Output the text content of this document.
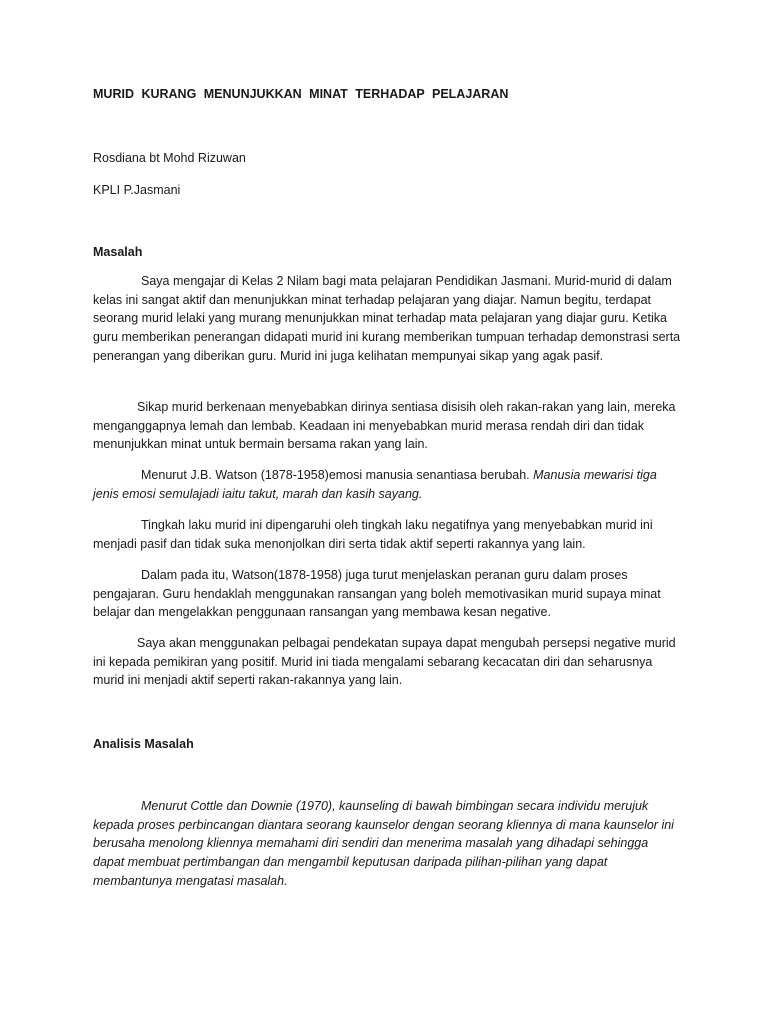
MURID KURANG MENUNJUKKAN MINAT TERHADAP PELAJARAN
Rosdiana bt Mohd Rizuwan
KPLI P.Jasmani
Masalah
Saya mengajar di Kelas 2 Nilam bagi mata pelajaran Pendidikan Jasmani. Murid-murid di dalam kelas ini sangat aktif dan menunjukkan minat terhadap pelajaran yang diajar. Namun begitu, terdapat seorang murid lelaki yang murang menunjukkan minat terhadap mata pelajaran yang diajar guru. Ketika guru memberikan penerangan didapati murid ini kurang memberikan tumpuan terhadap demonstrasi serta penerangan yang diberikan guru. Murid ini juga kelihatan mempunyai sikap yang agak pasif.
Sikap murid berkenaan menyebabkan dirinya sentiasa disisih oleh rakan-rakan yang lain, mereka menganggapnya lemah dan lembab. Keadaan ini menyebabkan murid merasa rendah diri dan tidak menunjukkan minat untuk bermain bersama rakan yang lain.
Menurut J.B. Watson (1878-1958)emosi manusia senantiasa berubah. Manusia mewarisi tiga jenis emosi semulajadi iaitu takut, marah dan kasih sayang.
Tingkah laku murid ini dipengaruhi oleh tingkah laku negatifnya yang menyebabkan murid ini menjadi pasif dan tidak suka menonjolkan diri serta tidak aktif seperti rakannya yang lain.
Dalam pada itu, Watson(1878-1958) juga turut menjelaskan peranan guru dalam proses pengajaran. Guru hendaklah menggunakan ransangan yang boleh memotivasikan murid supaya minat belajar dan mengelakkan penggunaan ransangan yang membawa kesan negative.
Saya akan menggunakan pelbagai pendekatan supaya dapat mengubah persepsi negative murid ini kepada pemikiran yang positif. Murid ini tiada mengalami sebarang kecacatan diri dan seharusnya murid ini menjadi aktif seperti rakan-rakannya yang lain.
Analisis Masalah
Menurut Cottle dan Downie (1970), kaunseling di bawah bimbingan secara individu merujuk kepada proses perbincangan diantara seorang kaunselor dengan seorang kliennya di mana kaunselor ini berusaha menolong kliennya memahami diri sendiri dan menerima masalah yang dihadapi sehingga dapat membuat pertimbangan dan mengambil keputusan daripada pilihan-pilihan yang dapat membantunya mengatasi masalah.
